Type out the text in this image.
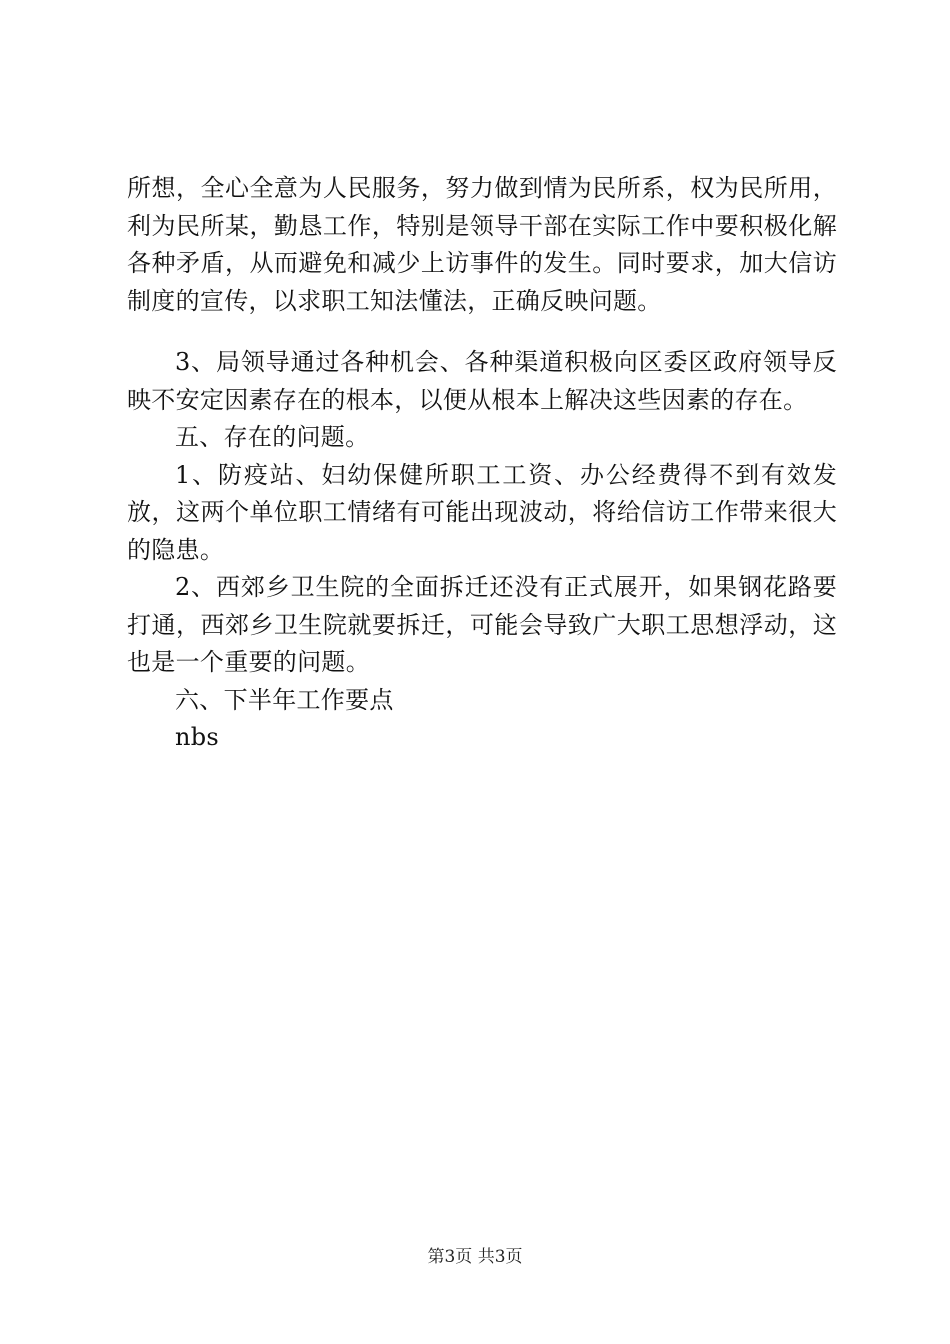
所想，全心全意为人民服务，努力做到情为民所系，权为民所用，利为民所某，勤恳工作，特别是领导干部在实际工作中要积极化解各种矛盾，从而避免和减少上访事件的发生。同时要求，加大信访制度的宣传，以求职工知法懂法，正确反映问题。

3、局领导通过各种机会、各种渠道积极向区委区政府领导反映不安定因素存在的根本，以便从根本上解决这些因素的存在。

五、存在的问题。

1、防疫站、妇幼保健所职工工资、办公经费得不到有效发放，这两个单位职工情绪有可能出现波动，将给信访工作带来很大的隐患。

2、西郊乡卫生院的全面拆迁还没有正式展开，如果钢花路要打通，西郊乡卫生院就要拆迁，可能会导致广大职工思想浮动，这也是一个重要的问题。

六、下半年工作要点

nbs

第3页 共3页
